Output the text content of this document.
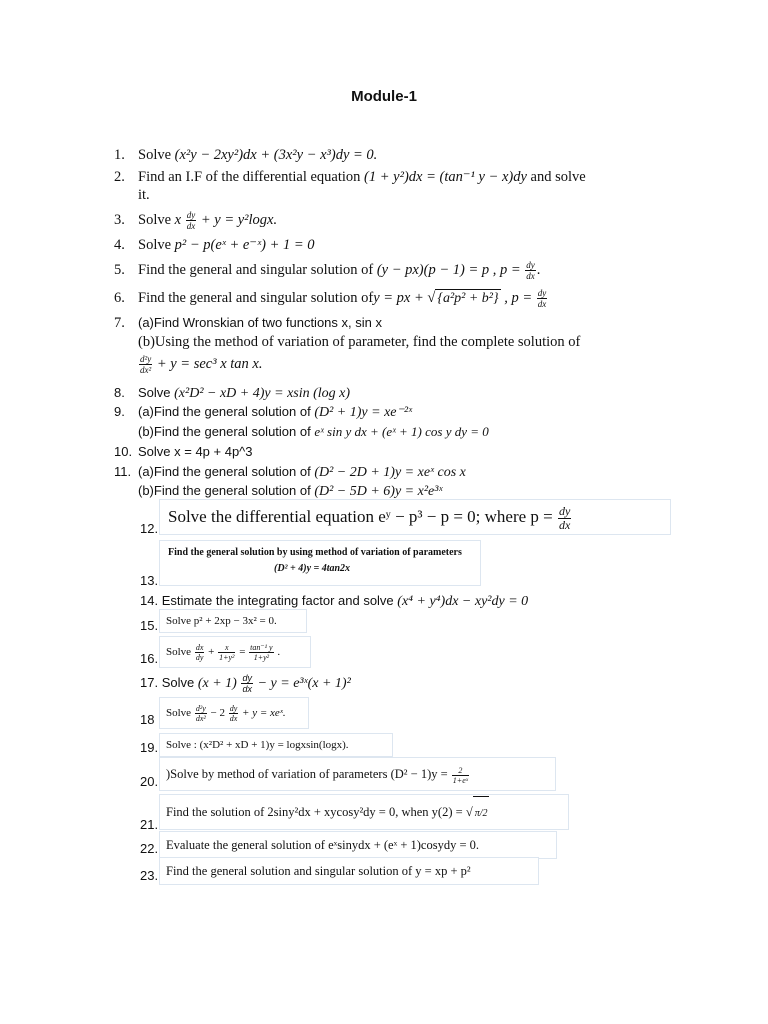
Module-1
1. Solve (x²y − 2xy²)dx + (3x²y − x³)dy = 0.
2. Find an I.F of the differential equation (1 + y²)dx = (tan⁻¹ y − x)dy and solve
it.
3. Solve x $\frac{dy}{dx} + y = y^2\log x$.
4. Solve p² − p(eˣ + e⁻ˣ) + 1 = 0
5. Find the general and singular solution of (y − px)(p − 1) = p , $p = \frac{dy}{dx}$ .
6. Find the general and singular solution ofy = px + √ {a²p² + b²} , $p = \frac{dy}{dx}$
7. (a)Find Wronskian of two functions x, sin x
(b)Using the method of variation of parameter, find the complete solution of
$\frac{\text{d²y}}{\text{dx²}} + y = \sec^3$ x tan x.
8. Solve (x²D² − xD + 4)y = xsin (log x)
9. (a)Find the general solution of (D² + 1)y = xe⁻²ˣ
(b)Find the general solution of eˣ sin y dx + (eˣ + 1) cos y dy = 0
10. Solve x = 4p + 4p^3
11. (a)Find the general solution of (D² − 2D + 1)y = xeˣ cos x
(b)Find the general solution of (D² − 5D + 6)y = x²e³ˣ
12.
Solve the differential equation eʸ − p³ − p = 0; where $p = \frac{dy}{dx}$
13.
Find the general solution by using method of variation of parameters
(D² + 4)y = 4tan2x
14. Estimate the integrating factor and solve (x⁴ + y⁴)dx − xy²dy = 0
15. Solve p² + 2xp − 3x² = 0.
16. Solve $\frac{dx}{dy} + \frac{x}{\text{1+y²}} = \frac{\text{tan⁻¹ y}}{\text{1+y²}}$ .
17. Solve $(x + 1) \frac{dy}{dx} - y$ = e³ˣ(x + 1)²
18	Solve $\frac{\text{d²y}}{\text{dx²}} - 2 \frac{dy}{dx} + y$ = xeˣ.
19. Solve : (x²D² + xD + 1)y = logxsin(logx).
20. )Solve by method of variation of parameters $(D^2 - 1)y = \frac{2}{\text{1+eˣ}}$
21.
Find the solution of 2siny²dx + xycosy²dy = 0, when y(2) = √ π/2
22. Evaluate the general solution of eˣsinydx + (eˣ + 1)cosydy = 0.
23. Find the general solution and singular solution of y = xp + p²
